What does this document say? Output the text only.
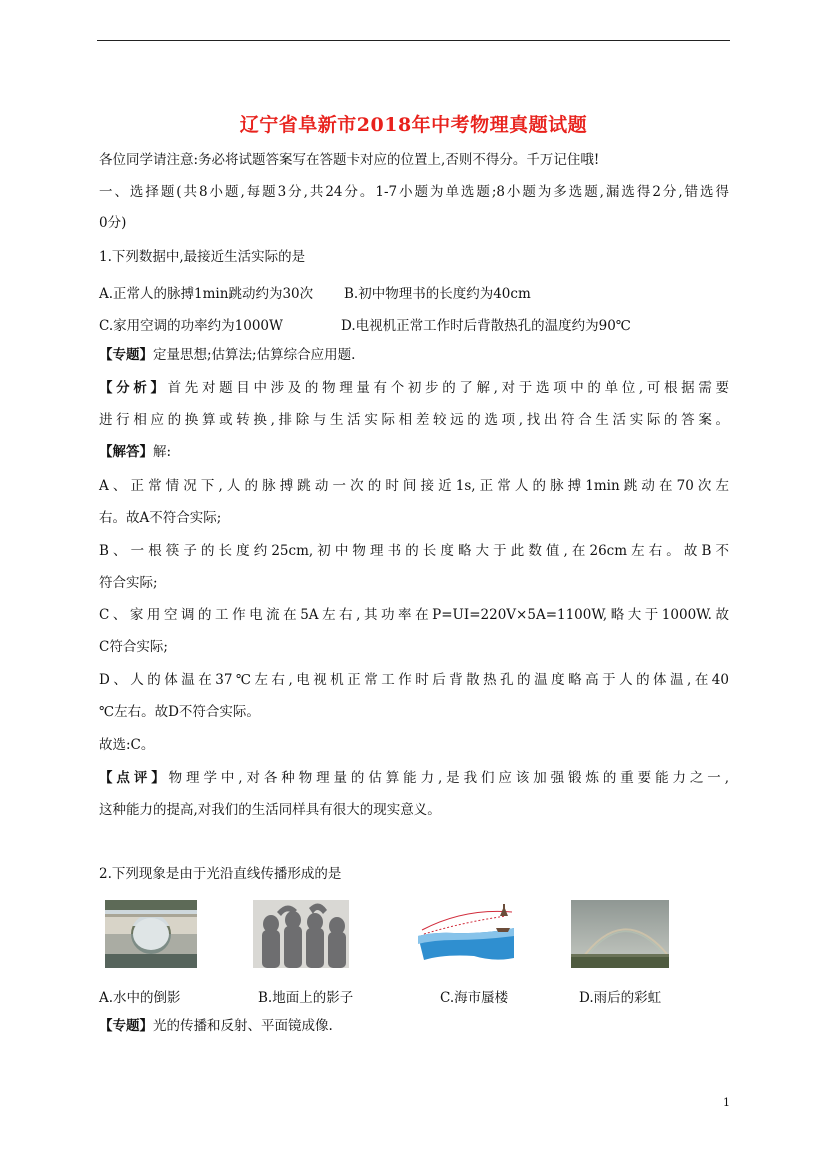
辽宁省阜新市2018年中考物理真题试题
各位同学请注意:务必将试题答案写在答题卡对应的位置上,否则不得分。千万记住哦!
一、选择题(共8小题,每题3分,共24分。1-7小题为单选题;8小题为多选题,漏选得2分,错选得
0分)
1.下列数据中,最接近生活实际的是
A.正常人的脉搏1min跳动约为30次 B.初中物理书的长度约为40cm
C.家用空调的功率约为1000W	D.电视机正常工作时后背散热孔的温度约为90℃
【专题】定量思想;估算法;估算综合应用题.
【分析】首先对题目中涉及的物理量有个初步的了解,对于选项中的单位,可根据需要
进行相应的换算或转换,排除与生活实际相差较远的选项,找出符合生活实际的答案。
【解答】解:
A、正常情况下,人的脉搏跳动一次的时间接近1s,正常人的脉搏1min跳动在70次左
右。故A不符合实际;
B、一根筷子的长度约25cm,初中物理书的长度略大于此数值,在26cm左右。故B不
符合实际;
C、家用空调的工作电流在5A左右,其功率在P=UI=220V×5A=1100W,略大于1000W.故
C符合实际;
D、人的体温在37℃左右,电视机正常工作时后背散热孔的温度略高于人的体温,在40
℃左右。故D不符合实际。
故选:C。
【点评】物理学中,对各种物理量的估算能力,是我们应该加强锻炼的重要能力之一,
这种能力的提高,对我们的生活同样具有很大的现实意义。
2.下列现象是由于光沿直线传播形成的是
A.水中的倒影	B.地面上的影子	C.海市蜃楼	D.雨后的彩虹
【专题】光的传播和反射、平面镜成像.
1
